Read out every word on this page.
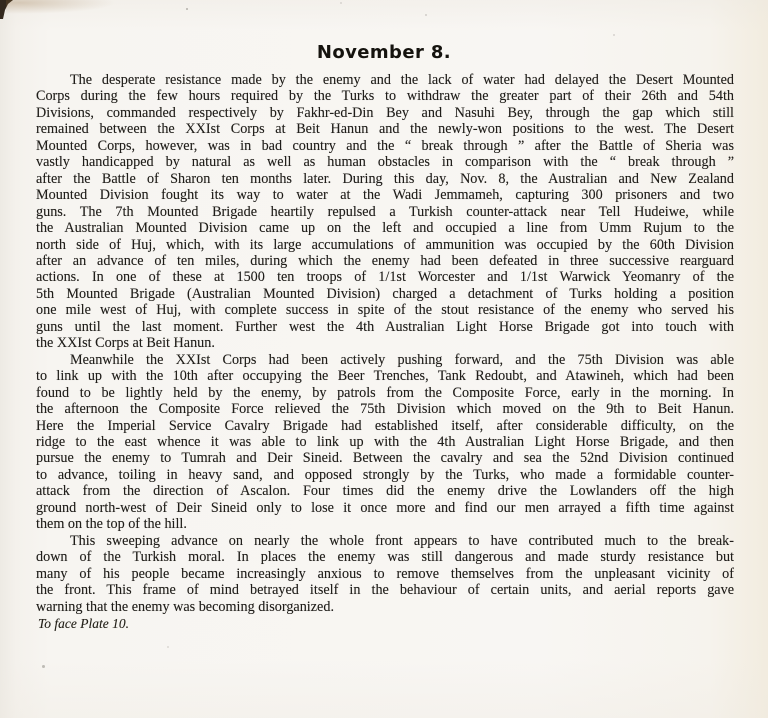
November 8.
The desperate resistance made by the enemy and the lack of water had delayed the Desert Mounted
Corps during the few hours required by the Turks to withdraw the greater part of their 26th and 54th
Divisions, commanded respectively by Fakhr-ed-Din Bey and Nasuhi Bey, through the gap which still
remained between the XXIst Corps at Beit Hanun and the newly-won positions to the west. The Desert
Mounted Corps, however, was in bad country and the “ break through ” after the Battle of Sheria was
vastly handicapped by natural as well as human obstacles in comparison with the “ break through ”
after the Battle of Sharon ten months later. During this day, Nov. 8, the Australian and New Zealand
Mounted Division fought its way to water at the Wadi Jemmameh, capturing 300 prisoners and two
guns. The 7th Mounted Brigade heartily repulsed a Turkish counter-attack near Tell Hudeiwe, while
the Australian Mounted Division came up on the left and occupied a line from Umm Rujum to the
north side of Huj, which, with its large accumulations of ammunition was occupied by the 60th Division
after an advance of ten miles, during which the enemy had been defeated in three successive rearguard
actions. In one of these at 1500 ten troops of 1/1st Worcester and 1/1st Warwick Yeomanry of the
5th Mounted Brigade (Australian Mounted Division) charged a detachment of Turks holding a position
one mile west of Huj, with complete success in spite of the stout resistance of the enemy who served his
guns until the last moment. Further west the 4th Australian Light Horse Brigade got into touch with
the XXIst Corps at Beit Hanun.
Meanwhile the XXIst Corps had been actively pushing forward, and the 75th Division was able
to link up with the 10th after occupying the Beer Trenches, Tank Redoubt, and Atawineh, which had been
found to be lightly held by the enemy, by patrols from the Composite Force, early in the morning. In
the afternoon the Composite Force relieved the 75th Division which moved on the 9th to Beit Hanun.
Here the Imperial Service Cavalry Brigade had established itself, after considerable difficulty, on the
ridge to the east whence it was able to link up with the 4th Australian Light Horse Brigade, and then
pursue the enemy to Tumrah and Deir Sineid. Between the cavalry and sea the 52nd Division continued
to advance, toiling in heavy sand, and opposed strongly by the Turks, who made a formidable counter-
attack from the direction of Ascalon. Four times did the enemy drive the Lowlanders off the high
ground north-west of Deir Sineid only to lose it once more and find our men arrayed a fifth time against
them on the top of the hill.
This sweeping advance on nearly the whole front appears to have contributed much to the break-
down of the Turkish moral. In places the enemy was still dangerous and made sturdy resistance but
many of his people became increasingly anxious to remove themselves from the unpleasant vicinity of
the front. This frame of mind betrayed itself in the behaviour of certain units, and aerial reports gave
warning that the enemy was becoming disorganized.
To face Plate 10.
